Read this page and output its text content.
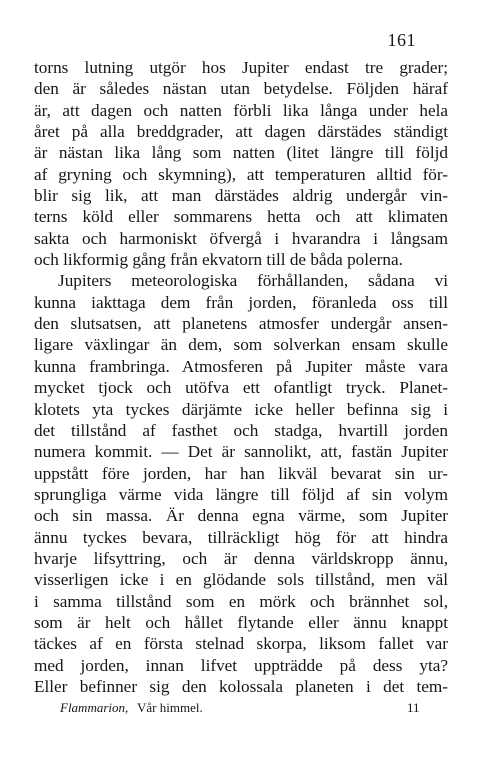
161
torns lutning utgör hos Jupiter endast tre grader;
den är således nästan utan betydelse. Följden häraf
är, att dagen och natten förbli lika långa under hela
året på alla breddgrader, att dagen därstädes ständigt
är nästan lika lång som natten (litet längre till följd
af gryning och skymning), att temperaturen alltid för-
blir sig lik, att man därstädes aldrig undergår vin-
terns köld eller sommarens hetta och att klimaten
sakta och harmoniskt öfvergå i hvarandra i långsam
och likformig gång från ekvatorn till de båda polerna.
Jupiters meteorologiska förhållanden, sådana vi
kunna iakttaga dem från jorden, föranleda oss till
den slutsatsen, att planetens atmosfer undergår ansen-
ligare växlingar än dem, som solverkan ensam skulle
kunna frambringa. Atmosferen på Jupiter måste vara
mycket tjock och utöfva ett ofantligt tryck. Planet-
klotets yta tyckes därjämte icke heller befinna sig i
det tillstånd af fasthet och stadga, hvartill jorden
numera kommit. — Det är sannolikt, att, fastän Jupiter
uppstått före jorden, har han likväl bevarat sin ur-
sprungliga värme vida längre till följd af sin volym
och sin massa. Är denna egna värme, som Jupiter
ännu tyckes bevara, tillräckligt hög för att hindra
hvarje lifsyttring, och är denna världskropp ännu,
visserligen icke i en glödande sols tillstånd, men väl
i samma tillstånd som en mörk och brännhet sol,
som är helt och hållet flytande eller ännu knappt
täckes af en första stelnad skorpa, liksom fallet var
med jorden, innan lifvet uppträdde på dess yta?
Eller befinner sig den kolossala planeten i det tem-
Flammarion, Vår himmel.	11
